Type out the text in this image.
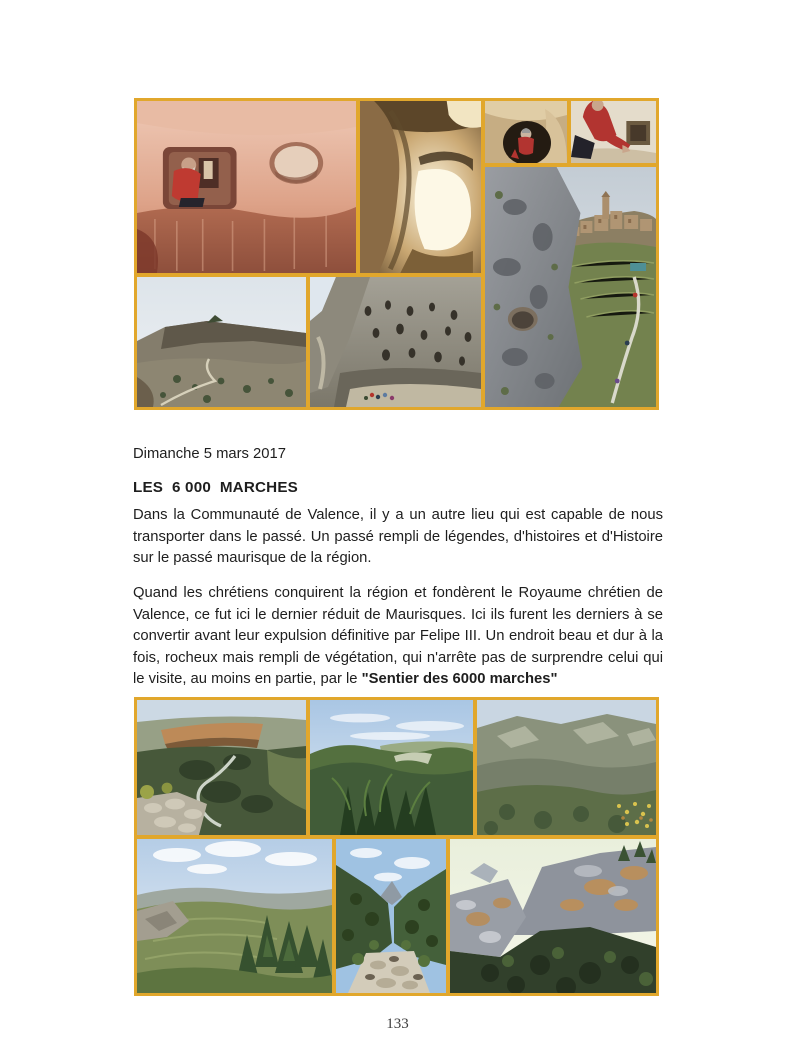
Dimanche 5 mars 2017

LES  6 000  MARCHES

Dans la Communauté de Valence, il y a un autre lieu qui est capable de nous transporter dans le passé. Un passé rempli de légendes, d'histoires et d'Histoire sur le passé maurisque de la région.

Quand les chrétiens conquirent la région et fondèrent le Royaume chrétien de Valence, ce fut ici le dernier réduit de Maurisques. Ici ils furent les derniers à se convertir avant leur expulsion définitive par Felipe III. Un endroit beau et dur à la fois, rocheux mais rempli de végétation, qui n'arrête pas de surprendre celui qui le visite, au moins en partie, par le "Sentier des 6000 marches"

133
